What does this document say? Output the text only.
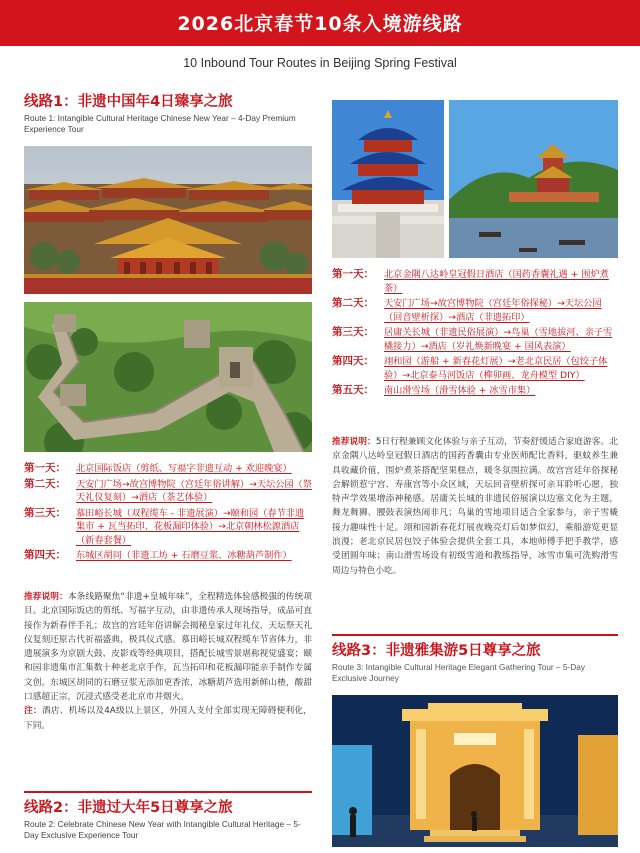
2026北京春节10条入境游线路
10 Inbound Tour Routes in Beijing Spring Festival
线路1：非遗中国年4日臻享之旅
Route 1: Intangible Cultural Heritage Chinese New Year – 4-Day Premium Experience Tour
第一天：	北京国际饭店（剪纸、写福字非遗互动 + 欢迎晚宴）
第二天：	天安门广场→故宫博物院（宫廷年俗讲解）→天坛公园（祭天礼仪复刻）→酒店（茶艺体验）
第三天：	慕田峪长城（双程缆车 - 非遗展演）→颐和园（春节非遗集市 + 瓦当拓印、花板漏印体验）→北京朝林松源酒店（新春套餐）
第四天：	东城区胡同（非遗工坊 + 石磨豆浆、冰糖葫芦制作）
推荐说明：本条线路聚焦“非遗+皇城年味”，全程精选体验感极强的传统项目。北京国际饭店的剪纸、写福字互动，由非遗传承人现场指导，成品可直接作为新春伴手礼；故宫的宫廷年俗讲解会揭秘皇家过年礼仪，天坛祭天礼仪复刻还原古代祈福盛典，极具仪式感。慕田峪长城双程缆车节省体力，非遗展演多为京剧大鼓、皮影戏等经典项目，搭配长城雪景堪称视觉盛宴；颐和园非遗集市汇集数十种老北京手作，瓦当拓印和花板漏印能亲手制作专属文创。东城区胡同的石磨豆浆无添加更香浓，冰糖葫芦选用新鲜山楂，酸甜口感超正宗，沉浸式感受老北京市井烟火。
注：酒店、机场以及4A级以上景区，外国人支付全部实现无障碍便利化，下同。
线路2：非遗过大年5日尊享之旅
Route 2: Celebrate Chinese New Year with Intangible Cultural Heritage – 5-Day Exclusive Experience Tour
第一天：	北京金隅八达岭皇冠假日酒店（国药香囊礼遇 + 围炉煮茶）
第二天：	天安门广场→故宫博物院（宫廷年俗探秘）→天坛公园（回音壁析探）→酒店（非遗拓印）
第三天：	居庸关长城（非遗民俗展演）→鸟巢（雪地拔河、亲子雪橇接力）→酒店（岁礼焕新晚宴 + 国风表演）
第四天：	翊和园（游船 + 新春花灯展）→老北京民居（包饺子体验）→北京泰马河饭店（榫卯画、龙舟模型 DIY）
第五天：	南山滑雪场（滑雪体验 + 冰雪市集）
推荐说明：5日行程兼顾文化体验与亲子互动，节奏舒缓适合家庭游客。北京金隅八达岭皇冠假日酒店的国药香囊由专业医师配比香料，驱蚊养生兼具收藏价值，围炉煮茶搭配坚果糕点，暖冬氛围拉满。故宫宫廷年俗探秘会解锁惹宁宫、寿康宫等小众区域，天坛回音壁析探可亲耳聆听心愿，独特声学效果增添神秘感。居庸关长城的非遗民俗展演以边塞文化为主题，舞龙舞狮、腰鼓表演热闹非凡；鸟巢的雪地项目适合全家参与，亲子雪橇接力趣味性十足。翊和园新春花灯展夜晚亮灯后如梦似幻，乘船游览更显浪漫；老北京民居包饺子体验会提供全套工具，本地师傅手把手教学，感受团圆年味；南山滑雪场设有初级雪道和教练指导，冰雪市集可洗购滑雪周边与特色小吃。
线路3：非遗雅集游5日尊享之旅
Route 3: Intangible Cultural Heritage Elegant Gathering Tour – 5-Day Exclusive Journey
